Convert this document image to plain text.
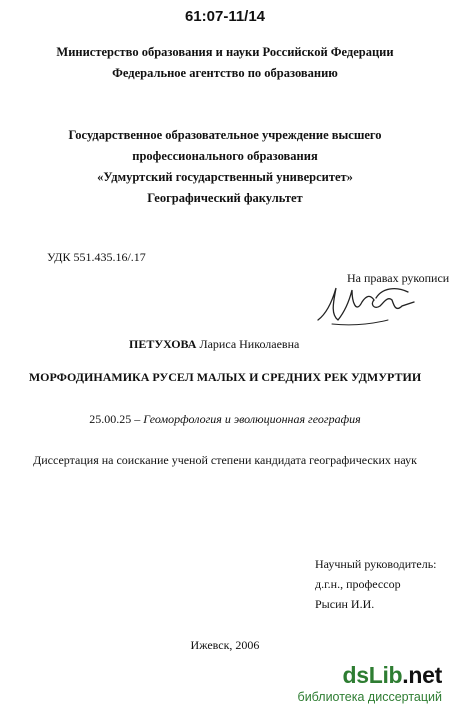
61:07-11/14
Министерство образования и науки Российской Федерации
Федеральное агентство по образованию
Государственное образовательное учреждение высшего
профессионального образования
«Удмуртский государственный университет»
Географический факультет
УДК 551.435.16/.17
На правах рукописи
ПЕТУХОВА Лариса Николаевна
МОРФОДИНАМИКА РУСЕЛ МАЛЫХ И СРЕДНИХ РЕК УДМУРТИИ
25.00.25 – Геоморфология и эволюционная география
Диссертация на соискание ученой степени кандидата географических наук
Научный руководитель:
д.г.н., профессор
Рысин И.И.
Ижевск, 2006
dsLib.net
библиотека диссертаций
